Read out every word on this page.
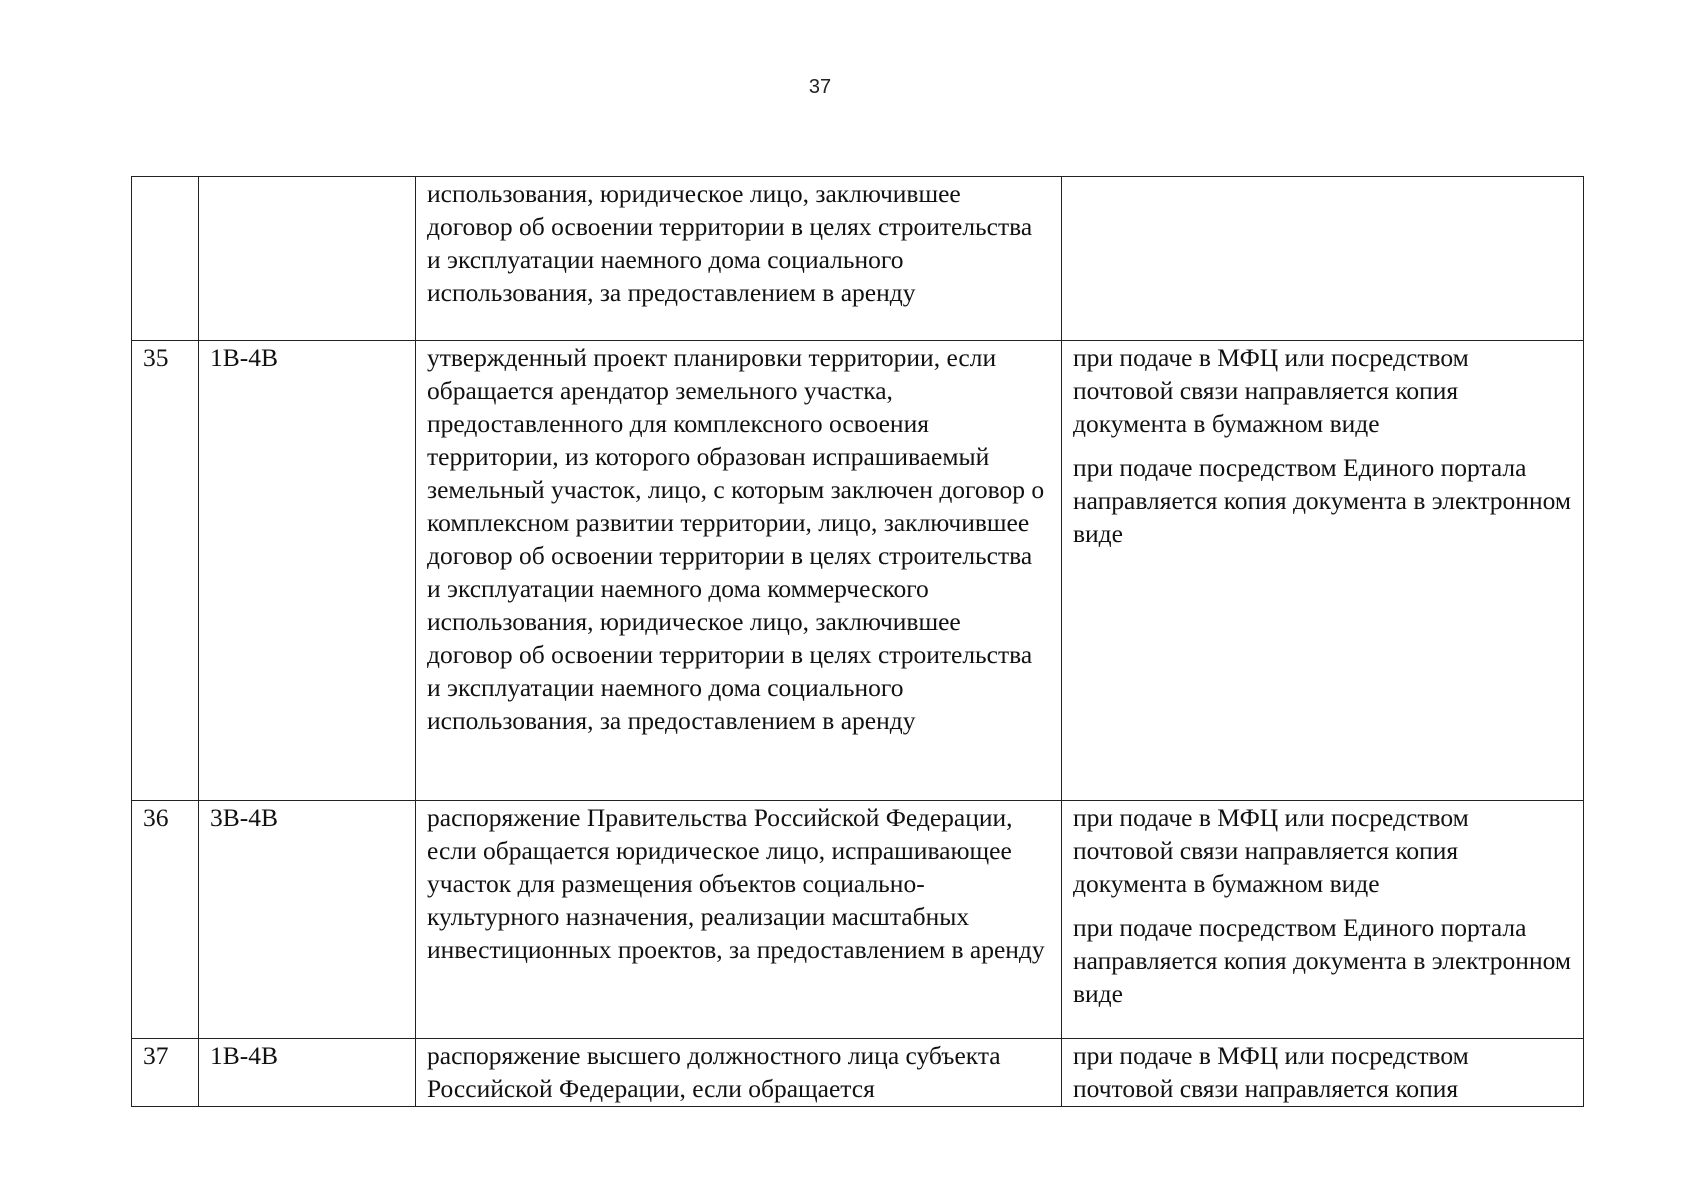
37

		использования, юридическое лицо, заключившее договор об освоении территории в целях строительства и эксплуатации наемного дома социального использования, за предоставлением в аренду	

35	1В-4В	утвержденный проект планировки территории, если обращается арендатор земельного участка, предоставленного для комплексного освоения территории, из которого образован испрашиваемый земельный участок, лицо, с которым заключен договор о комплексном развитии территории, лицо, заключившее договор об освоении территории в целях строительства и эксплуатации наемного дома коммерческого использования, юридическое лицо, заключившее договор об освоении территории в целях строительства и эксплуатации наемного дома социального использования, за предоставлением в аренду	при подаче в МФЦ или посредством почтовой связи направляется копия документа в бумажном виде
при подаче посредством Единого портала направляется копия документа в электронном виде

36	3В-4В	распоряжение Правительства Российской Федерации, если обращается юридическое лицо, испрашивающее участок для размещения объектов социально-культурного назначения, реализации масштабных инвестиционных проектов, за предоставлением в аренду	при подаче в МФЦ или посредством почтовой связи направляется копия документа в бумажном виде
при подаче посредством Единого портала направляется копия документа в электронном виде

37	1В-4В	распоряжение высшего должностного лица субъекта Российской Федерации, если обращается	при подаче в МФЦ или посредством почтовой связи направляется копия
